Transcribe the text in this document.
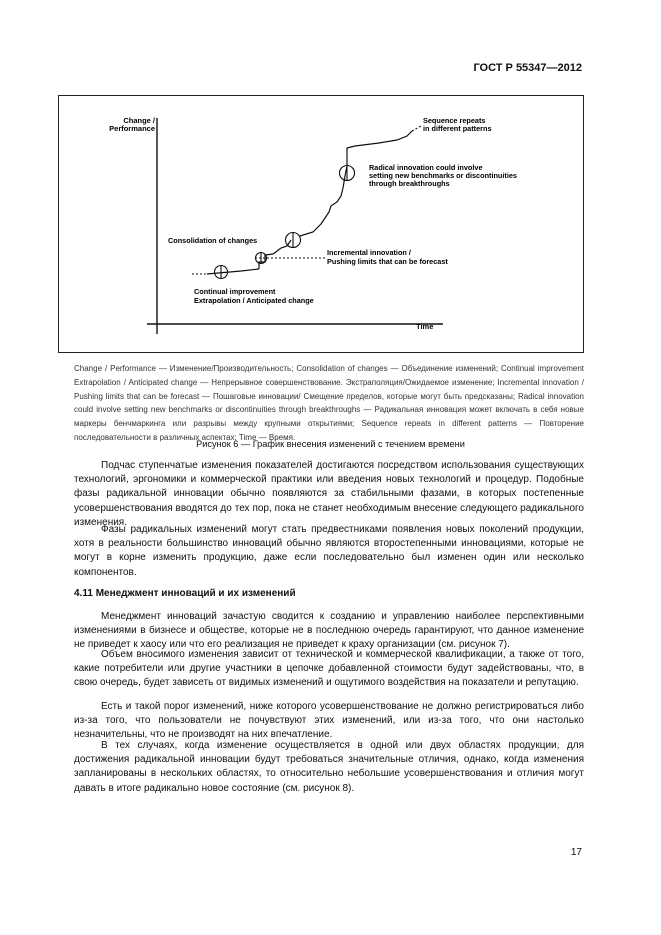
ГОСТ Р 55347—2012
Change /
Performance
Time
Sequence repeats
in different patterns
Radical innovation could involve
setting new benchmarks or discontinuities
through breakthroughs
Consolidation of changes
Incremental innovation /
Pushing limits that can be forecast
Continual improvement
Extrapolation / Anticipated change
Change / Performance — Изменение/Производительность; Consolidation of changes — Объединение изменений; Continual improvement Extrapolation / Anticipated change — Непрерывное совершенствование. Экстраполяция/Ожидаемое изменение; Incremental innovation / Pushing limits that can be forecast — Пошаговые инновации/ Смещение пределов, которые могут быть предсказаны; Radical innovation could involve setting new benchmarks or discontinuities through breakthroughs — Радикальная инновация может включать в себя новые маркеры бенчмаркинга или разрывы между крупными открытиями; Sequence repeats in different patterns — Повторение последовательности в различных аспектах; Time — Время.
Рисунок 6 — График внесения изменений с течением времени

Подчас ступенчатые изменения показателей достигаются посредством использования существующих технологий, эргономики и коммерческой практики или введения новых технологий и процедур. Подобные фазы радикальной инновации обычно появляются за стабильными фазами, в которых постепенные усовершенствования вводятся до тех пор, пока не станет необходимым внесение следующего радикального изменения.

Фазы радикальных изменений могут стать предвестниками появления новых поколений продукции, хотя в реальности большинство инноваций обычно являются второстепенными инновациями, которые не могут в корне изменить продукцию, даже если последовательно был изменен один или несколько компонентов.

4.11 Менеджмент инноваций и их изменений

Менеджмент инноваций зачастую сводится к созданию и управлению наиболее перспективными изменениями в бизнесе и обществе, которые не в последнюю очередь гарантируют, что данное изменение не приведет к хаосу или что его реализация не приведет к краху организации (см. рисунок 7).

Объем вносимого изменения зависит от технической и коммерческой квалификации, а также от того, какие потребители или другие участники в цепочке добавленной стоимости будут задействованы, что, в свою очередь, будет зависеть от видимых изменений и ощутимого воздействия на показатели и репутацию.

Есть и такой порог изменений, ниже которого усовершенствование не должно регистрироваться либо из-за того, что пользователи не почувствуют этих изменений, или из-за того, что они настолько незначительны, что не производят на них впечатление.

В тех случаях, когда изменение осуществляется в одной или двух областях продукции, для достижения радикальной инновации будут требоваться значительные отличия, однако, когда изменения запланированы в нескольких областях, то относительно небольшие усовершенствования и отличия могут давать в итоге радикально новое состояние (см. рисунок 8).

17
